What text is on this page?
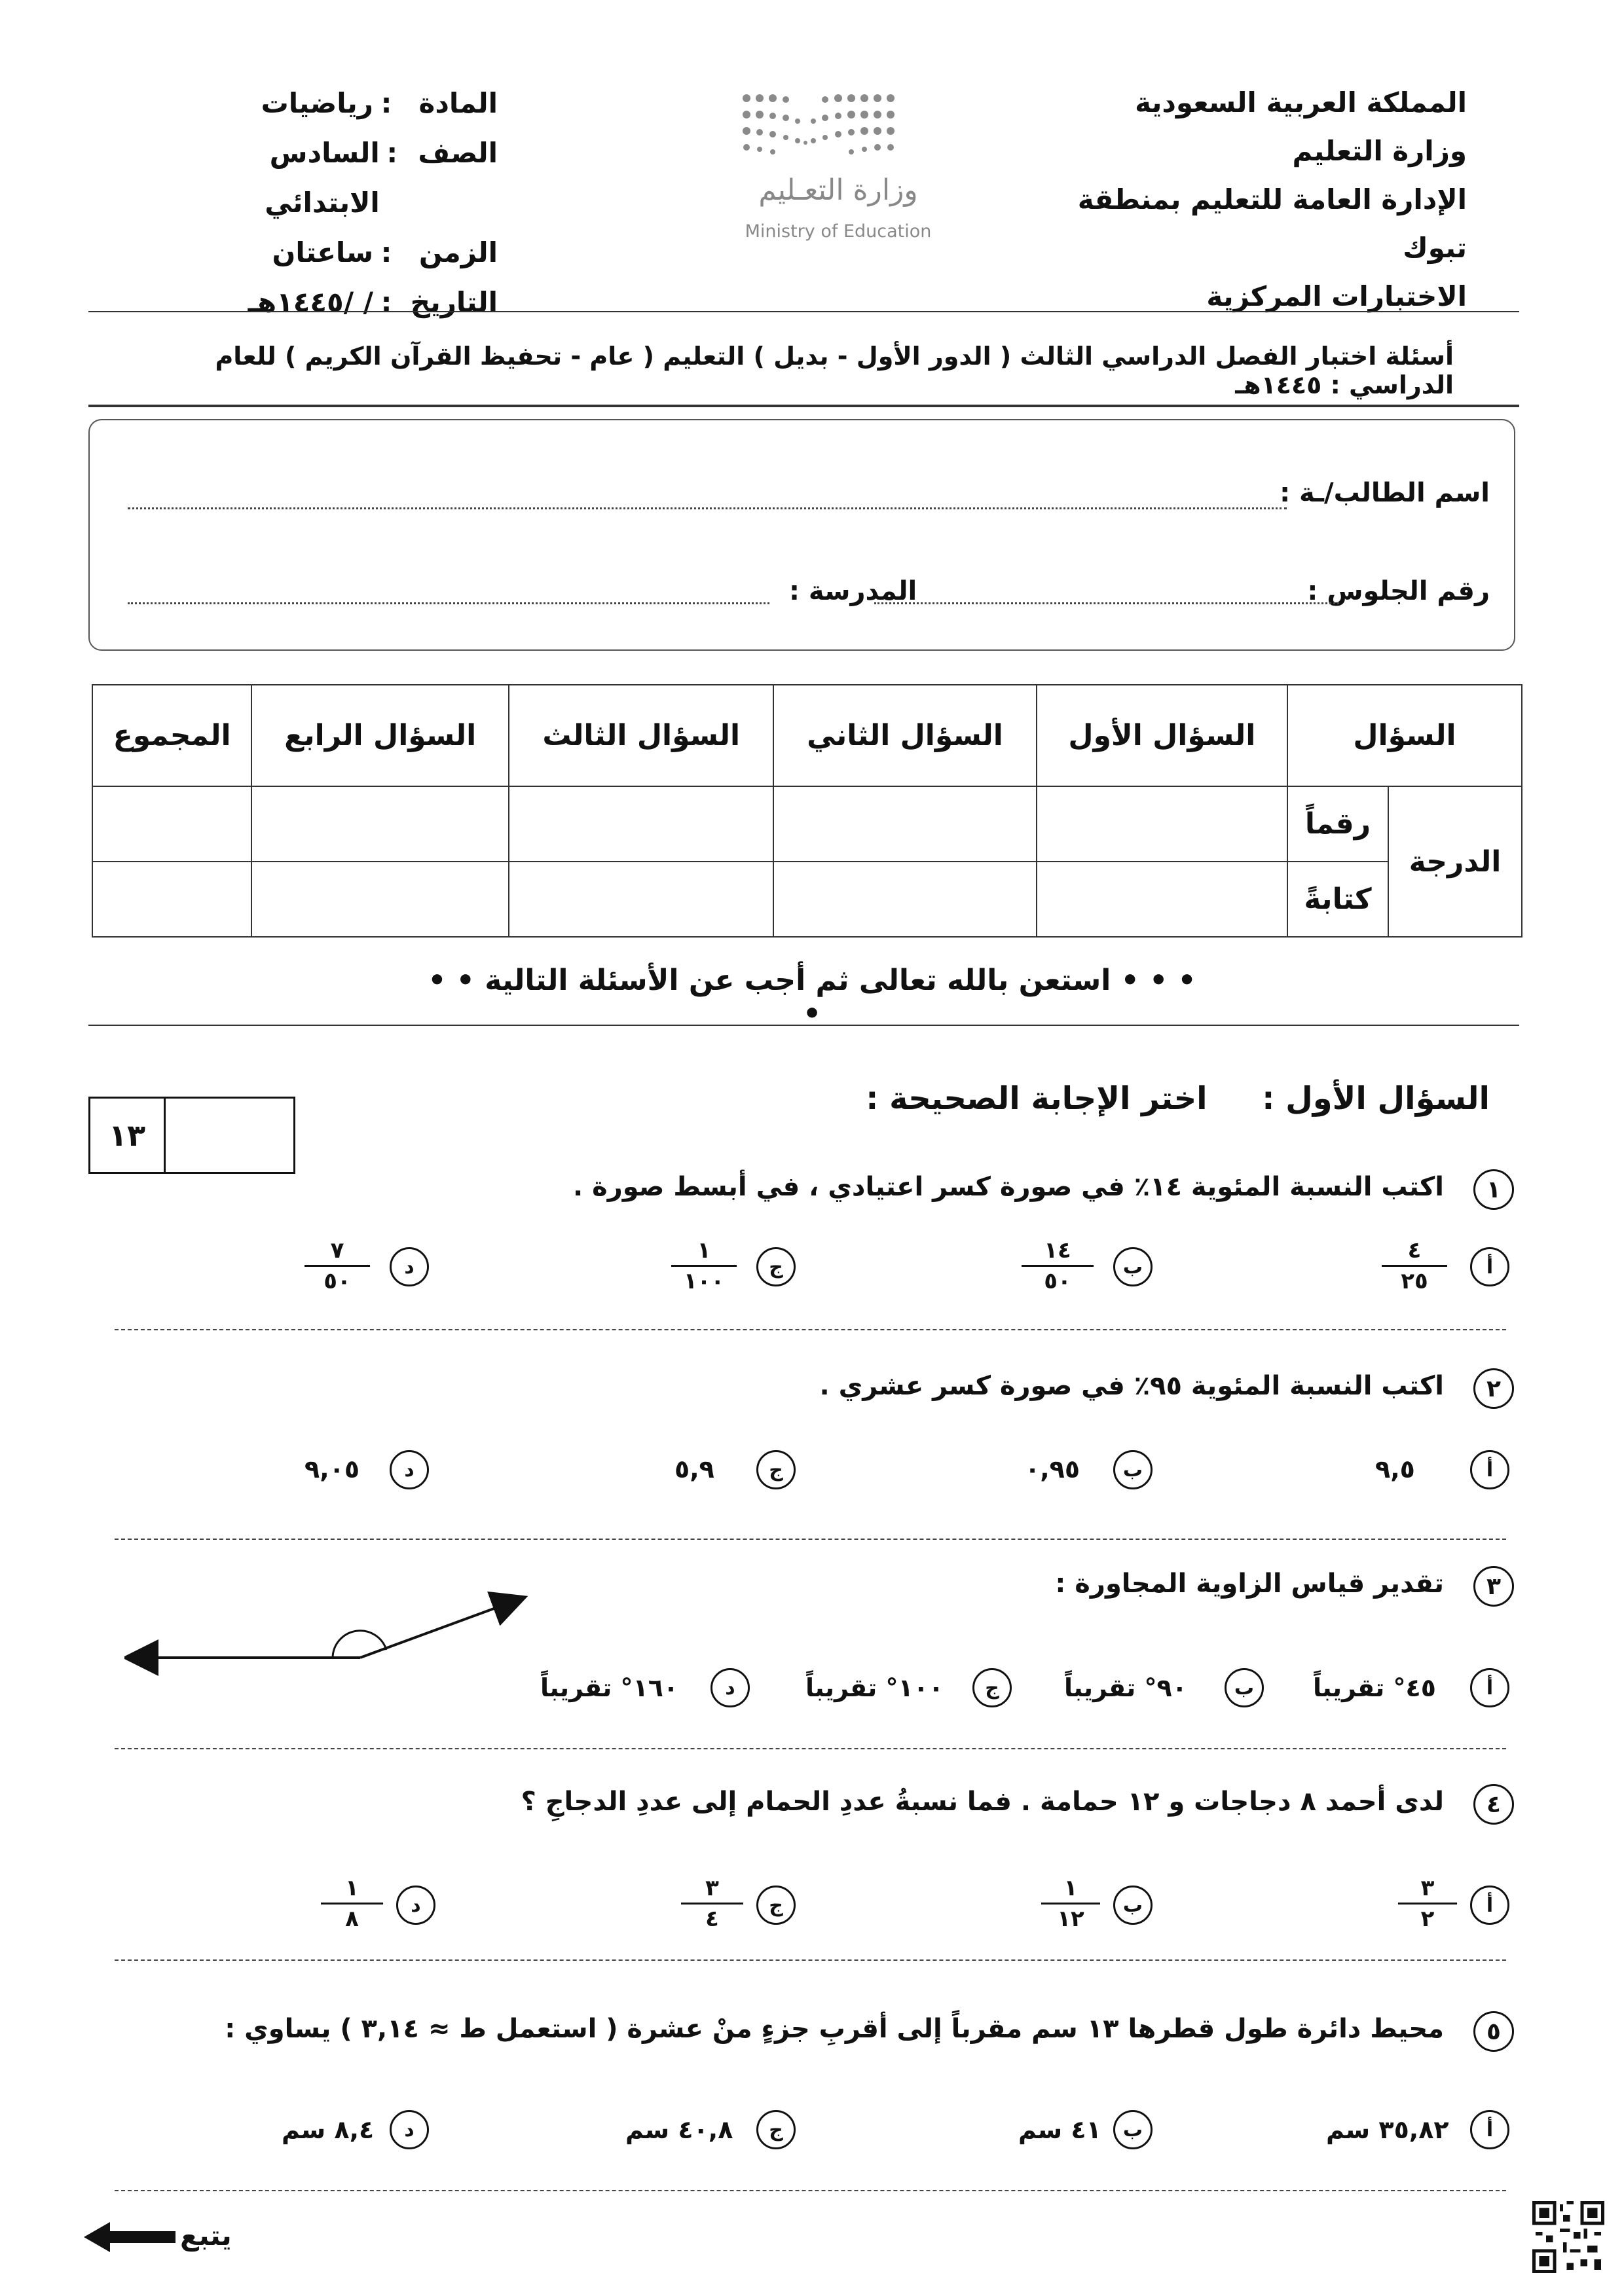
المملكة العربية السعودية
وزارة التعليم
الإدارة العامة للتعليم بمنطقة تبوك
الاختبارات المركزية
وزارة التعـليم
Ministry of Education
المادة
:
رياضيات
الصف
:
السادس الابتدائي
الزمن
:
ساعتان
التاريخ
:
/ /١٤٤٥هـ
أسئلة اختبار الفصل الدراسي الثالث ( الدور الأول - بديل ) التعليم ( عام - تحفيظ القرآن الكريم ) للعام الدراسي : ١٤٤٥هـ
اسم الطالب/ـة :
رقم الجلوس :
المدرسة :
السؤال		السؤال الأول	السؤال الثاني	السؤال الثالث	السؤال الرابع	المجموع
الدرجة	رقماً					
	كتابةً					
• • • استعن بالله تعالى ثم أجب عن الأسئلة التالية • • •
السؤال الأول :     اختر الإجابة الصحيحة :
١٣
١
اكتب النسبة المئوية ١٤٪ في صورة كسر اعتيادي ، في أبسط صورة .
أ
٤
٢٥
ب
١٤
٥٠
ج
١
١٠٠
د
٧
٥٠
٢
اكتب النسبة المئوية ٩٥٪ في صورة كسر عشري .
أ
٩,٥
ب
٠,٩٥
ج
٥,٩
د
٩,٠٥
٣
تقدير قياس الزاوية المجاورة :
أ
٤٥° تقريباً
ب
٩٠° تقريباً
ج
١٠٠° تقريباً
د
١٦٠° تقريباً
٤
لدى أحمد ٨ دجاجات و ١٢ حمامة . فما نسبةُ عددِ الحمام إلى عددِ الدجاجِ ؟
أ
٣
٢
ب
١
١٢
ج
٣
٤
د
١
٨
٥
محيط دائرة طول قطرها ١٣ سم مقرباً إلى أقربِ جزءٍ منْ عشرة ( استعمل ط ≈ ٣,١٤ ) يساوي :
أ
٣٥,٨٢ سم
ب
٤١ سم
ج
٤٠,٨ سم
د
٨,٤ سم
يتبع
